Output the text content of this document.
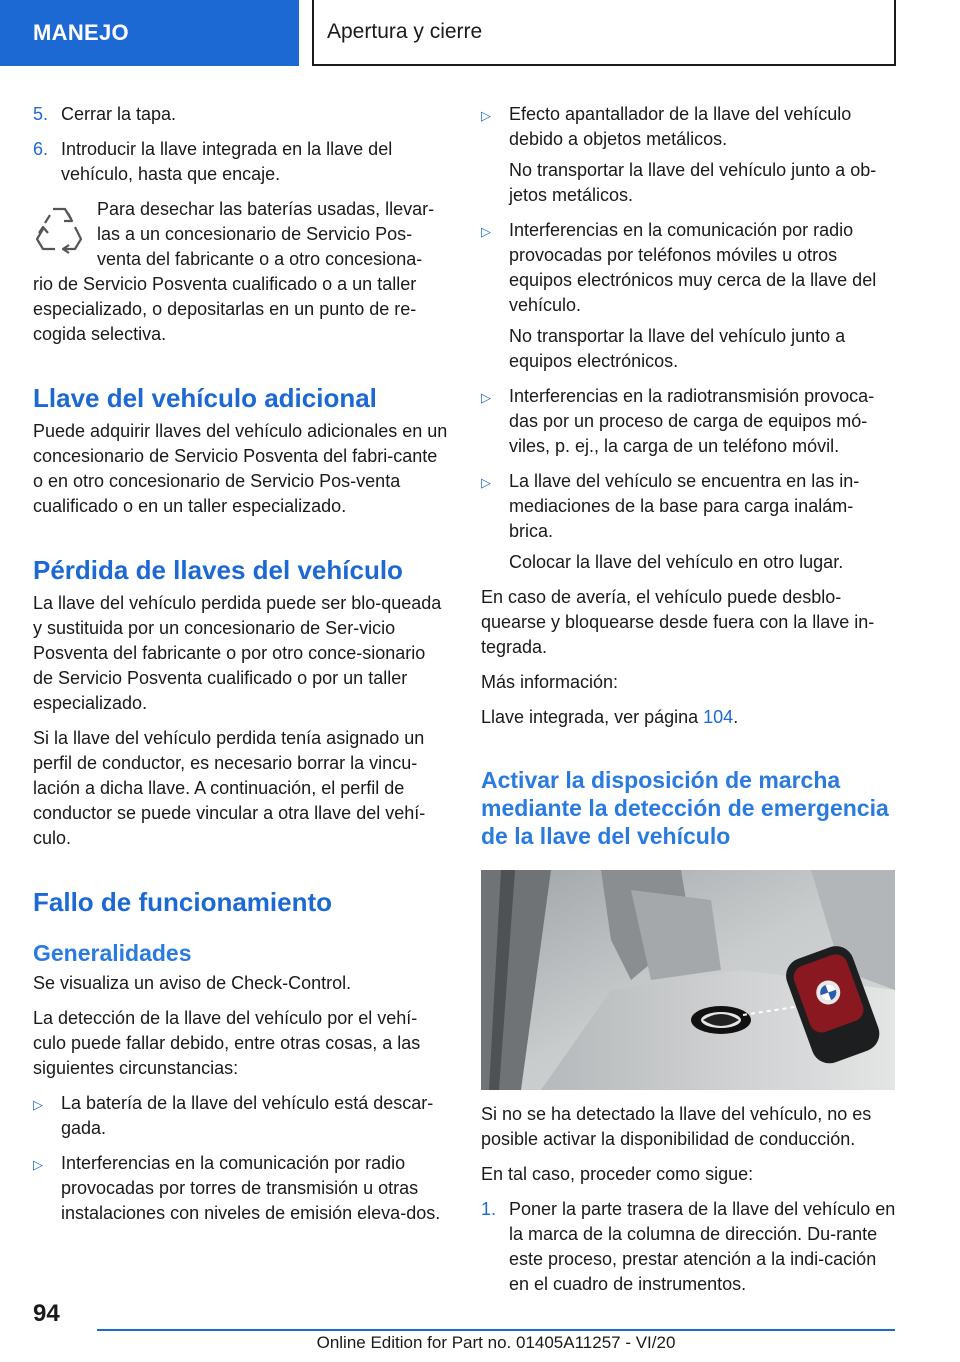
MANEJO	Apertura y cierre
5. Cerrar la tapa.
6. Introducir la llave integrada en la llave del vehículo, hasta que encaje.

Para desechar las baterías usadas, llevar-las a un concesionario de Servicio Pos-venta del fabricante o a otro concesiona-

rio de Servicio Posventa cualificado o a un taller especializado, o depositarlas en un punto de re-cogida selectiva.

Llave del vehículo adicional

Puede adquirir llaves del vehículo adicionales en un concesionario de Servicio Posventa del fabri-cante o en otro concesionario de Servicio Pos-venta cualificado o en un taller especializado.

Pérdida de llaves del vehículo

La llave del vehículo perdida puede ser blo-queada y sustituida por un concesionario de Ser-vicio Posventa del fabricante o por otro conce-sionario de Servicio Posventa cualificado o por un taller especializado.

Si la llave del vehículo perdida tenía asignado un perfil de conductor, es necesario borrar la vincu-lación a dicha llave. A continuación, el perfil de conductor se puede vincular a otra llave del vehí-culo.

Fallo de funcionamiento
Generalidades

Se visualiza un aviso de Check-Control.

La detección de la llave del vehículo por el vehí-culo puede fallar debido, entre otras cosas, a las siguientes circunstancias:

▷	La batería de la llave del vehículo está descar-gada.
▷	Interferencias en la comunicación por radio provocadas por torres de transmisión u otras instalaciones con niveles de emisión eleva-dos.
▷	Efecto apantallador de la llave del vehículo debido a objetos metálicos.

No transportar la llave del vehículo junto a ob-jetos metálicos.

▷	Interferencias en la comunicación por radio provocadas por teléfonos móviles u otros equipos electrónicos muy cerca de la llave del vehículo.

No transportar la llave del vehículo junto a equipos electrónicos.

▷	Interferencias en la radiotransmisión provoca-das por un proceso de carga de equipos mó-viles, p. ej., la carga de un teléfono móvil.
▷	La llave del vehículo se encuentra en las in-mediaciones de la base para carga inalám-brica.

Colocar la llave del vehículo en otro lugar.

En caso de avería, el vehículo puede desblo-quearse y bloquearse desde fuera con la llave in-tegrada.

Más información:

Llave integrada, ver página 104.

Activar la disposición de marcha mediante la detección de emergencia de la llave del vehículo

Si no se ha detectado la llave del vehículo, no es posible activar la disponibilidad de conducción.

En tal caso, proceder como sigue:

1. Poner la parte trasera de la llave del vehículo en la marca de la columna de dirección. Du-rante este proceso, prestar atención a la indi-cación en el cuadro de instrumentos.
94
Online Edition for Part no. 01405A11257 - VI/20
